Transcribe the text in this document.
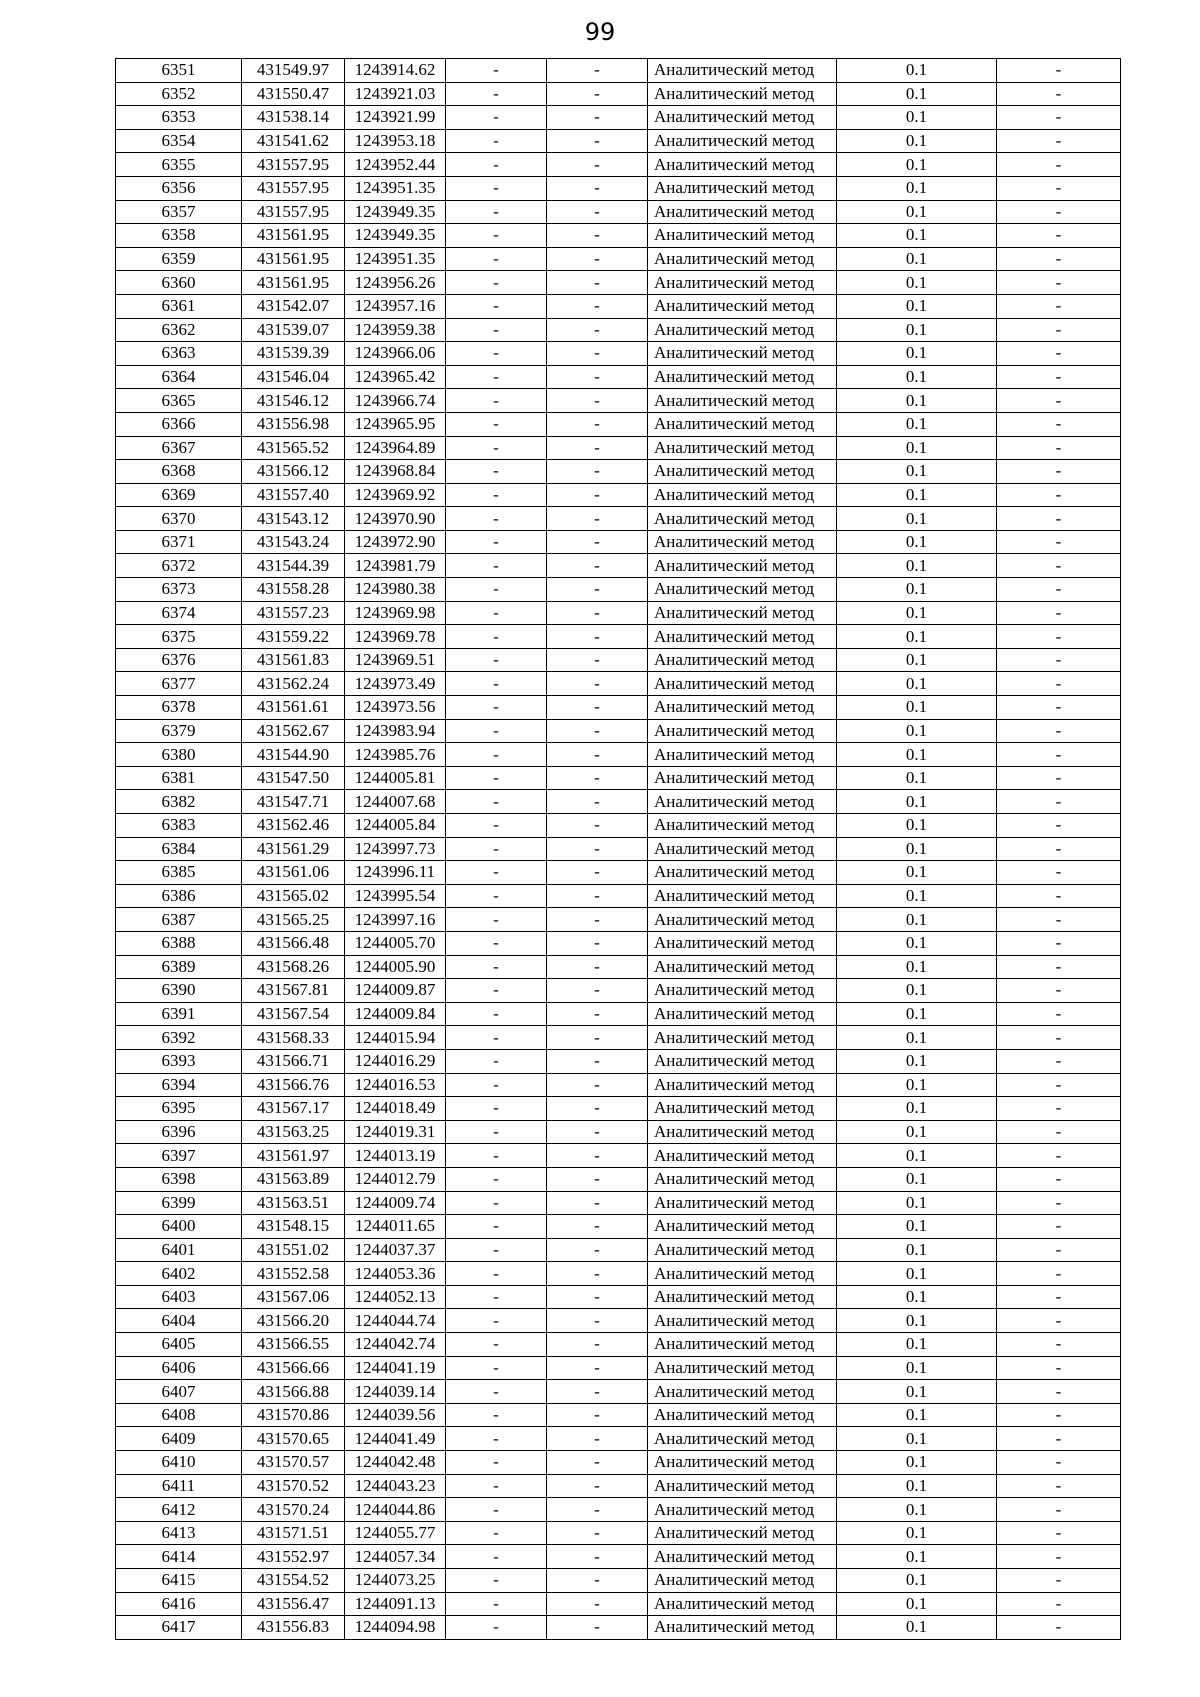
99
6351	431549.97	1243914.62	-	-	Аналитический метод	0.1	-
6352	431550.47	1243921.03	-	-	Аналитический метод	0.1	-
6353	431538.14	1243921.99	-	-	Аналитический метод	0.1	-
6354	431541.62	1243953.18	-	-	Аналитический метод	0.1	-
6355	431557.95	1243952.44	-	-	Аналитический метод	0.1	-
6356	431557.95	1243951.35	-	-	Аналитический метод	0.1	-
6357	431557.95	1243949.35	-	-	Аналитический метод	0.1	-
6358	431561.95	1243949.35	-	-	Аналитический метод	0.1	-
6359	431561.95	1243951.35	-	-	Аналитический метод	0.1	-
6360	431561.95	1243956.26	-	-	Аналитический метод	0.1	-
6361	431542.07	1243957.16	-	-	Аналитический метод	0.1	-
6362	431539.07	1243959.38	-	-	Аналитический метод	0.1	-
6363	431539.39	1243966.06	-	-	Аналитический метод	0.1	-
6364	431546.04	1243965.42	-	-	Аналитический метод	0.1	-
6365	431546.12	1243966.74	-	-	Аналитический метод	0.1	-
6366	431556.98	1243965.95	-	-	Аналитический метод	0.1	-
6367	431565.52	1243964.89	-	-	Аналитический метод	0.1	-
6368	431566.12	1243968.84	-	-	Аналитический метод	0.1	-
6369	431557.40	1243969.92	-	-	Аналитический метод	0.1	-
6370	431543.12	1243970.90	-	-	Аналитический метод	0.1	-
6371	431543.24	1243972.90	-	-	Аналитический метод	0.1	-
6372	431544.39	1243981.79	-	-	Аналитический метод	0.1	-
6373	431558.28	1243980.38	-	-	Аналитический метод	0.1	-
6374	431557.23	1243969.98	-	-	Аналитический метод	0.1	-
6375	431559.22	1243969.78	-	-	Аналитический метод	0.1	-
6376	431561.83	1243969.51	-	-	Аналитический метод	0.1	-
6377	431562.24	1243973.49	-	-	Аналитический метод	0.1	-
6378	431561.61	1243973.56	-	-	Аналитический метод	0.1	-
6379	431562.67	1243983.94	-	-	Аналитический метод	0.1	-
6380	431544.90	1243985.76	-	-	Аналитический метод	0.1	-
6381	431547.50	1244005.81	-	-	Аналитический метод	0.1	-
6382	431547.71	1244007.68	-	-	Аналитический метод	0.1	-
6383	431562.46	1244005.84	-	-	Аналитический метод	0.1	-
6384	431561.29	1243997.73	-	-	Аналитический метод	0.1	-
6385	431561.06	1243996.11	-	-	Аналитический метод	0.1	-
6386	431565.02	1243995.54	-	-	Аналитический метод	0.1	-
6387	431565.25	1243997.16	-	-	Аналитический метод	0.1	-
6388	431566.48	1244005.70	-	-	Аналитический метод	0.1	-
6389	431568.26	1244005.90	-	-	Аналитический метод	0.1	-
6390	431567.81	1244009.87	-	-	Аналитический метод	0.1	-
6391	431567.54	1244009.84	-	-	Аналитический метод	0.1	-
6392	431568.33	1244015.94	-	-	Аналитический метод	0.1	-
6393	431566.71	1244016.29	-	-	Аналитический метод	0.1	-
6394	431566.76	1244016.53	-	-	Аналитический метод	0.1	-
6395	431567.17	1244018.49	-	-	Аналитический метод	0.1	-
6396	431563.25	1244019.31	-	-	Аналитический метод	0.1	-
6397	431561.97	1244013.19	-	-	Аналитический метод	0.1	-
6398	431563.89	1244012.79	-	-	Аналитический метод	0.1	-
6399	431563.51	1244009.74	-	-	Аналитический метод	0.1	-
6400	431548.15	1244011.65	-	-	Аналитический метод	0.1	-
6401	431551.02	1244037.37	-	-	Аналитический метод	0.1	-
6402	431552.58	1244053.36	-	-	Аналитический метод	0.1	-
6403	431567.06	1244052.13	-	-	Аналитический метод	0.1	-
6404	431566.20	1244044.74	-	-	Аналитический метод	0.1	-
6405	431566.55	1244042.74	-	-	Аналитический метод	0.1	-
6406	431566.66	1244041.19	-	-	Аналитический метод	0.1	-
6407	431566.88	1244039.14	-	-	Аналитический метод	0.1	-
6408	431570.86	1244039.56	-	-	Аналитический метод	0.1	-
6409	431570.65	1244041.49	-	-	Аналитический метод	0.1	-
6410	431570.57	1244042.48	-	-	Аналитический метод	0.1	-
6411	431570.52	1244043.23	-	-	Аналитический метод	0.1	-
6412	431570.24	1244044.86	-	-	Аналитический метод	0.1	-
6413	431571.51	1244055.77	-	-	Аналитический метод	0.1	-
6414	431552.97	1244057.34	-	-	Аналитический метод	0.1	-
6415	431554.52	1244073.25	-	-	Аналитический метод	0.1	-
6416	431556.47	1244091.13	-	-	Аналитический метод	0.1	-
6417	431556.83	1244094.98	-	-	Аналитический метод	0.1	-
